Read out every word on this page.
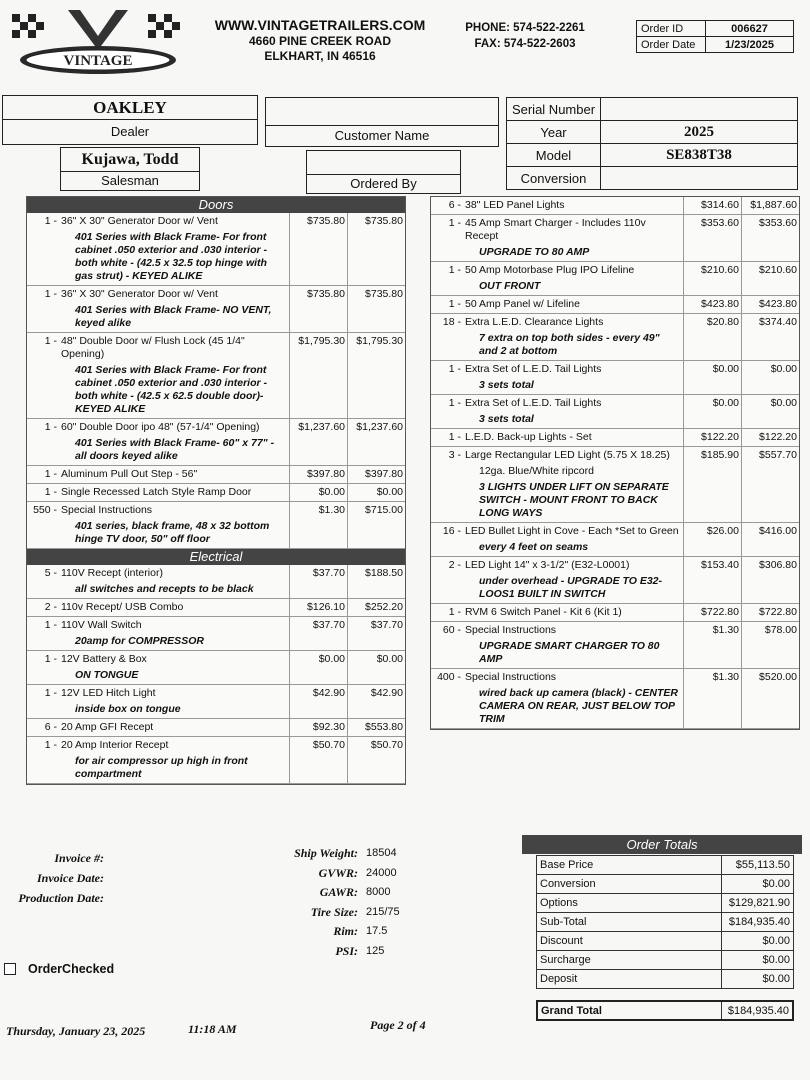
VINTAGE
WWW.VINTAGETRAILERS.COM
4660 PINE CREEK ROAD
ELKHART, IN 46516
PHONE: 574-522-2261
FAX: 574-522-2603
Order ID	006627
Order Date	1/23/2025
OAKLEY
Dealer	Customer Name
Kujawa, Todd
Salesman	Ordered By
Serial Number	
Year	2025
Model	SE838T38
Conversion	
Doors
1 - 36" X 30" Generator Door w/ Vent
401 Series with Black Frame- For front cabinet .050 exterior and .030 interior - both white - (42.5 x 32.5 top hinge with gas strut) - KEYED ALIKE
$735.80	$735.80
1 - 36" X 30" Generator Door w/ Vent
401 Series with Black Frame- NO VENT, keyed alike
$735.80	$735.80
1 - 48" Double Door w/ Flush Lock (45 1/4" Opening)
401 Series with Black Frame- For front cabinet .050 exterior and .030 interior - both white - (42.5 x 62.5 double door)- KEYED ALIKE
$1,795.30	$1,795.30
1 - 60" Double Door ipo 48" (57-1/4" Opening)
401 Series with Black Frame- 60" x 77" - all doors keyed alike
$1,237.60	$1,237.60
1 - Aluminum Pull Out Step - 56"	$397.80	$397.80
1 - Single Recessed Latch Style Ramp Door	$0.00	$0.00
550 - Special Instructions
401 series, black frame, 48 x 32 bottom hinge TV door, 50" off floor
$1.30	$715.00
Electrical
5 - 110V Recept (interior)
all switches and recepts to be black
$37.70	$188.50
2 - 110v Recept/ USB Combo	$126.10	$252.20
1 - 110V Wall Switch
20amp for COMPRESSOR
$37.70	$37.70
1 - 12V Battery & Box
ON TONGUE
$0.00	$0.00
1 - 12V LED Hitch Light
inside box on tongue
$42.90	$42.90
6 - 20 Amp GFI Recept	$92.30	$553.80
1 - 20 Amp Interior Recept
for air compressor up high in front compartment
$50.70	$50.70
6 - 38" LED Panel Lights	$314.60	$1,887.60
1 - 45 Amp Smart Charger - Includes 110v Recept
UPGRADE TO 80 AMP
$353.60	$353.60
1 - 50 Amp Motorbase Plug IPO Lifeline
OUT FRONT
$210.60	$210.60
1 - 50 Amp Panel w/ Lifeline	$423.80	$423.80
18 - Extra L.E.D. Clearance Lights
7 extra on top both sides - every 49" and 2 at bottom
$20.80	$374.40
1 - Extra Set of L.E.D. Tail Lights
3 sets total
$0.00	$0.00
1 - Extra Set of L.E.D. Tail Lights
3 sets total
$0.00	$0.00
1 - L.E.D. Back-up Lights - Set	$122.20	$122.20
3 - Large Rectangular LED Light (5.75 X 18.25)
12ga. Blue/White ripcord
3 LIGHTS UNDER LIFT ON SEPARATE SWITCH - MOUNT FRONT TO BACK LONG WAYS
$185.90	$557.70
16 - LED Bullet Light in Cove - Each *Set to Green
every 4 feet on seams
$26.00	$416.00
2 - LED Light 14" x 3-1/2" (E32-L0001)
under overhead - UPGRADE TO E32-LOOS1 BUILT IN SWITCH
$153.40	$306.80
1 - RVM 6 Switch Panel - Kit 6 (Kit 1)	$722.80	$722.80
60 - Special Instructions
UPGRADE SMART CHARGER TO 80 AMP
$1.30	$78.00
400 - Special Instructions
wired back up camera (black) - CENTER CAMERA ON REAR, JUST BELOW TOP TRIM
$1.30	$520.00
Invoice #:
Invoice Date:
Production Date:
Ship Weight: 18504
GVWR: 24000
GAWR: 8000
Tire Size: 215/75
Rim: 17.5
PSI: 125
OrderChecked
Thursday, January 23, 2025	11:18 AM	Page 2 of 4
Order Totals
Base Price	$55,113.50
Conversion	$0.00
Options	$129,821.90
Sub-Total	$184,935.40
Discount	$0.00
Surcharge	$0.00
Deposit	$0.00
Grand Total	$184,935.40
